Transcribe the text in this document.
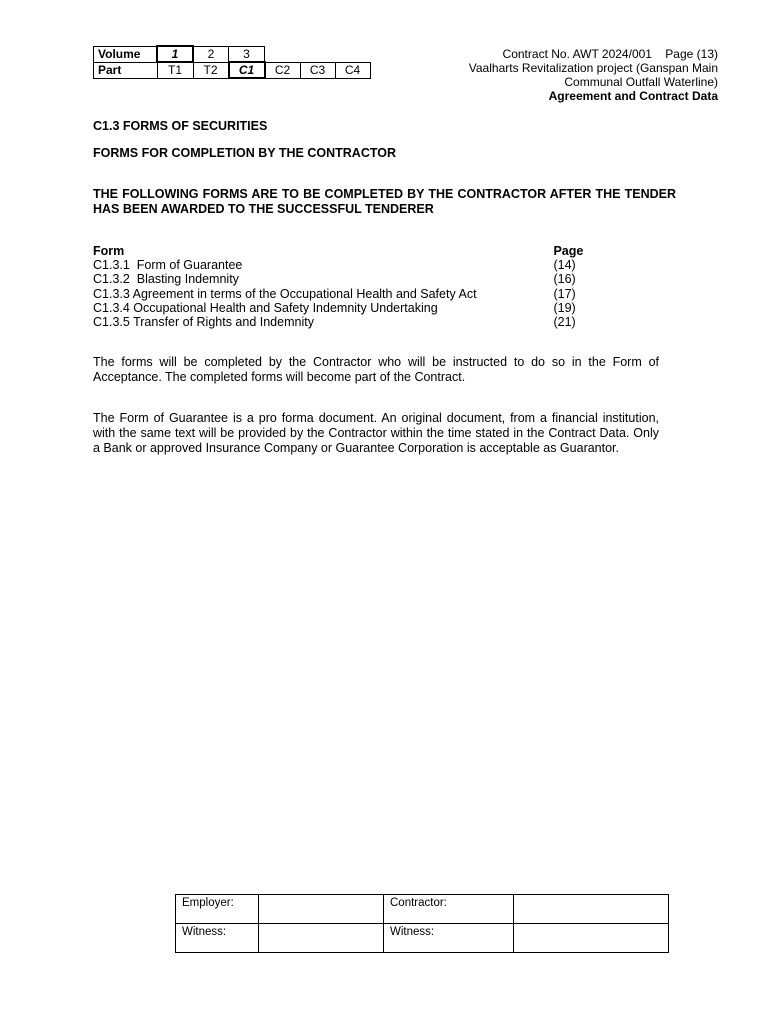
Volume	1	2	3			
Part	T1	T2	C1	C2	C3	C4
Contract No. AWT 2024/001    Page (13)
Vaalharts Revitalization project (Ganspan Main
Communal Outfall Waterline)
Agreement and Contract Data
C1.3 FORMS OF SECURITIES
FORMS FOR COMPLETION BY THE CONTRACTOR
THE FOLLOWING FORMS ARE TO BE COMPLETED BY THE CONTRACTOR AFTER THE TENDER HAS BEEN AWARDED TO THE SUCCESSFUL TENDERER
Form	Page
C1.3.1  Form of Guarantee	(14)
C1.3.2  Blasting Indemnity	(16)
C1.3.3 Agreement in terms of the Occupational Health and Safety Act	(17)
C1.3.4 Occupational Health and Safety Indemnity Undertaking	(19)
C1.3.5 Transfer of Rights and Indemnity	(21)
The forms will be completed by the Contractor who will be instructed to do so in the Form of Acceptance. The completed forms will become part of the Contract.
The Form of Guarantee is a pro forma document. An original document, from a financial institution, with the same text will be provided by the Contractor within the time stated in the Contract Data. Only a Bank or approved Insurance Company or Guarantee Corporation is acceptable as Guarantor.
Employer:		Contractor:	
Witness:		Witness:	
